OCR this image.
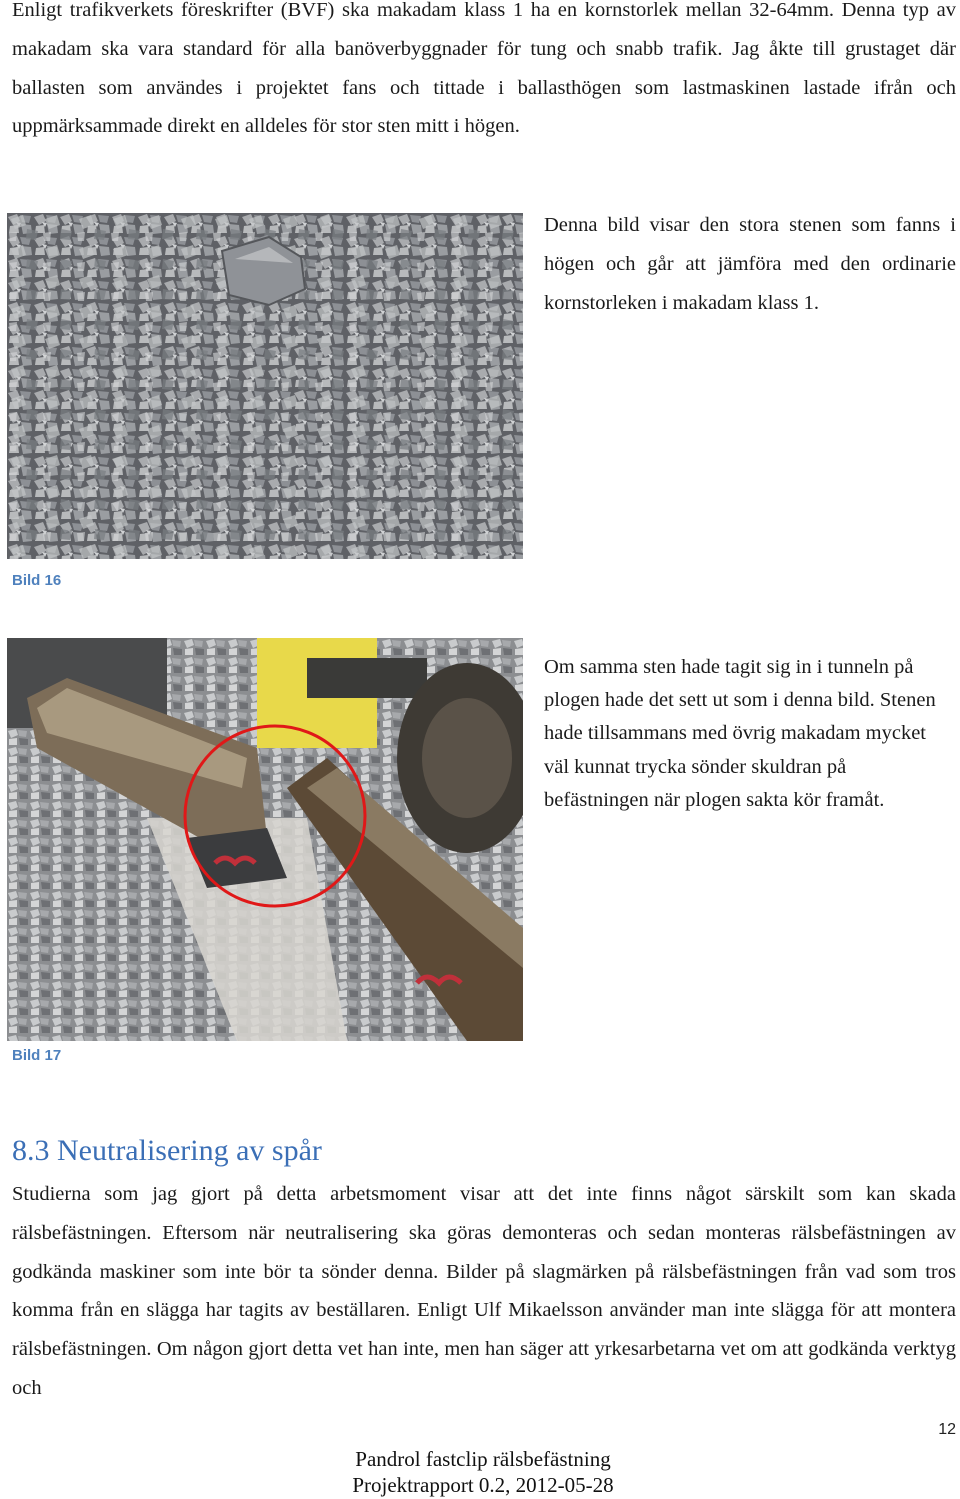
Enligt trafikverkets föreskrifter (BVF) ska makadam klass 1 ha en kornstorlek mellan 32-64mm. Denna typ av makadam ska vara standard för alla banöverbyggnader för tung och snabb trafik. Jag åkte till grustaget där ballasten som användes i projektet fans och tittade i ballasthögen som lastmaskinen lastade ifrån och uppmärksammade direkt en alldeles för stor sten mitt i högen.

Denna bild visar den stora stenen som fanns i högen och går att jämföra med den ordinarie kornstorleken i makadam klass 1.

Bild 16

Om samma sten hade tagit sig in i tunneln på plogen hade det sett ut som i denna bild. Stenen hade tillsammans med övrig makadam mycket väl kunnat trycka sönder skuldran på befästningen när plogen sakta kör framåt.

Bild 17

8.3 Neutralisering av spår

Studierna som jag gjort på detta arbetsmoment visar att det inte finns något särskilt som kan skada rälsbefästningen. Eftersom när neutralisering ska göras demonteras och sedan monteras rälsbefästningen av godkända maskiner som inte bör ta sönder denna. Bilder på slagmärken på rälsbefästningen från vad som tros komma från en slägga har tagits av beställaren. Enligt Ulf Mikaelsson använder man inte slägga för att montera rälsbefästningen. Om någon gjort detta vet han inte, men han säger att yrkesarbetarna vet om att godkända verktyg och

12

Pandrol fastclip rälsbefästning

Projektrapport 0.2, 2012-05-28
